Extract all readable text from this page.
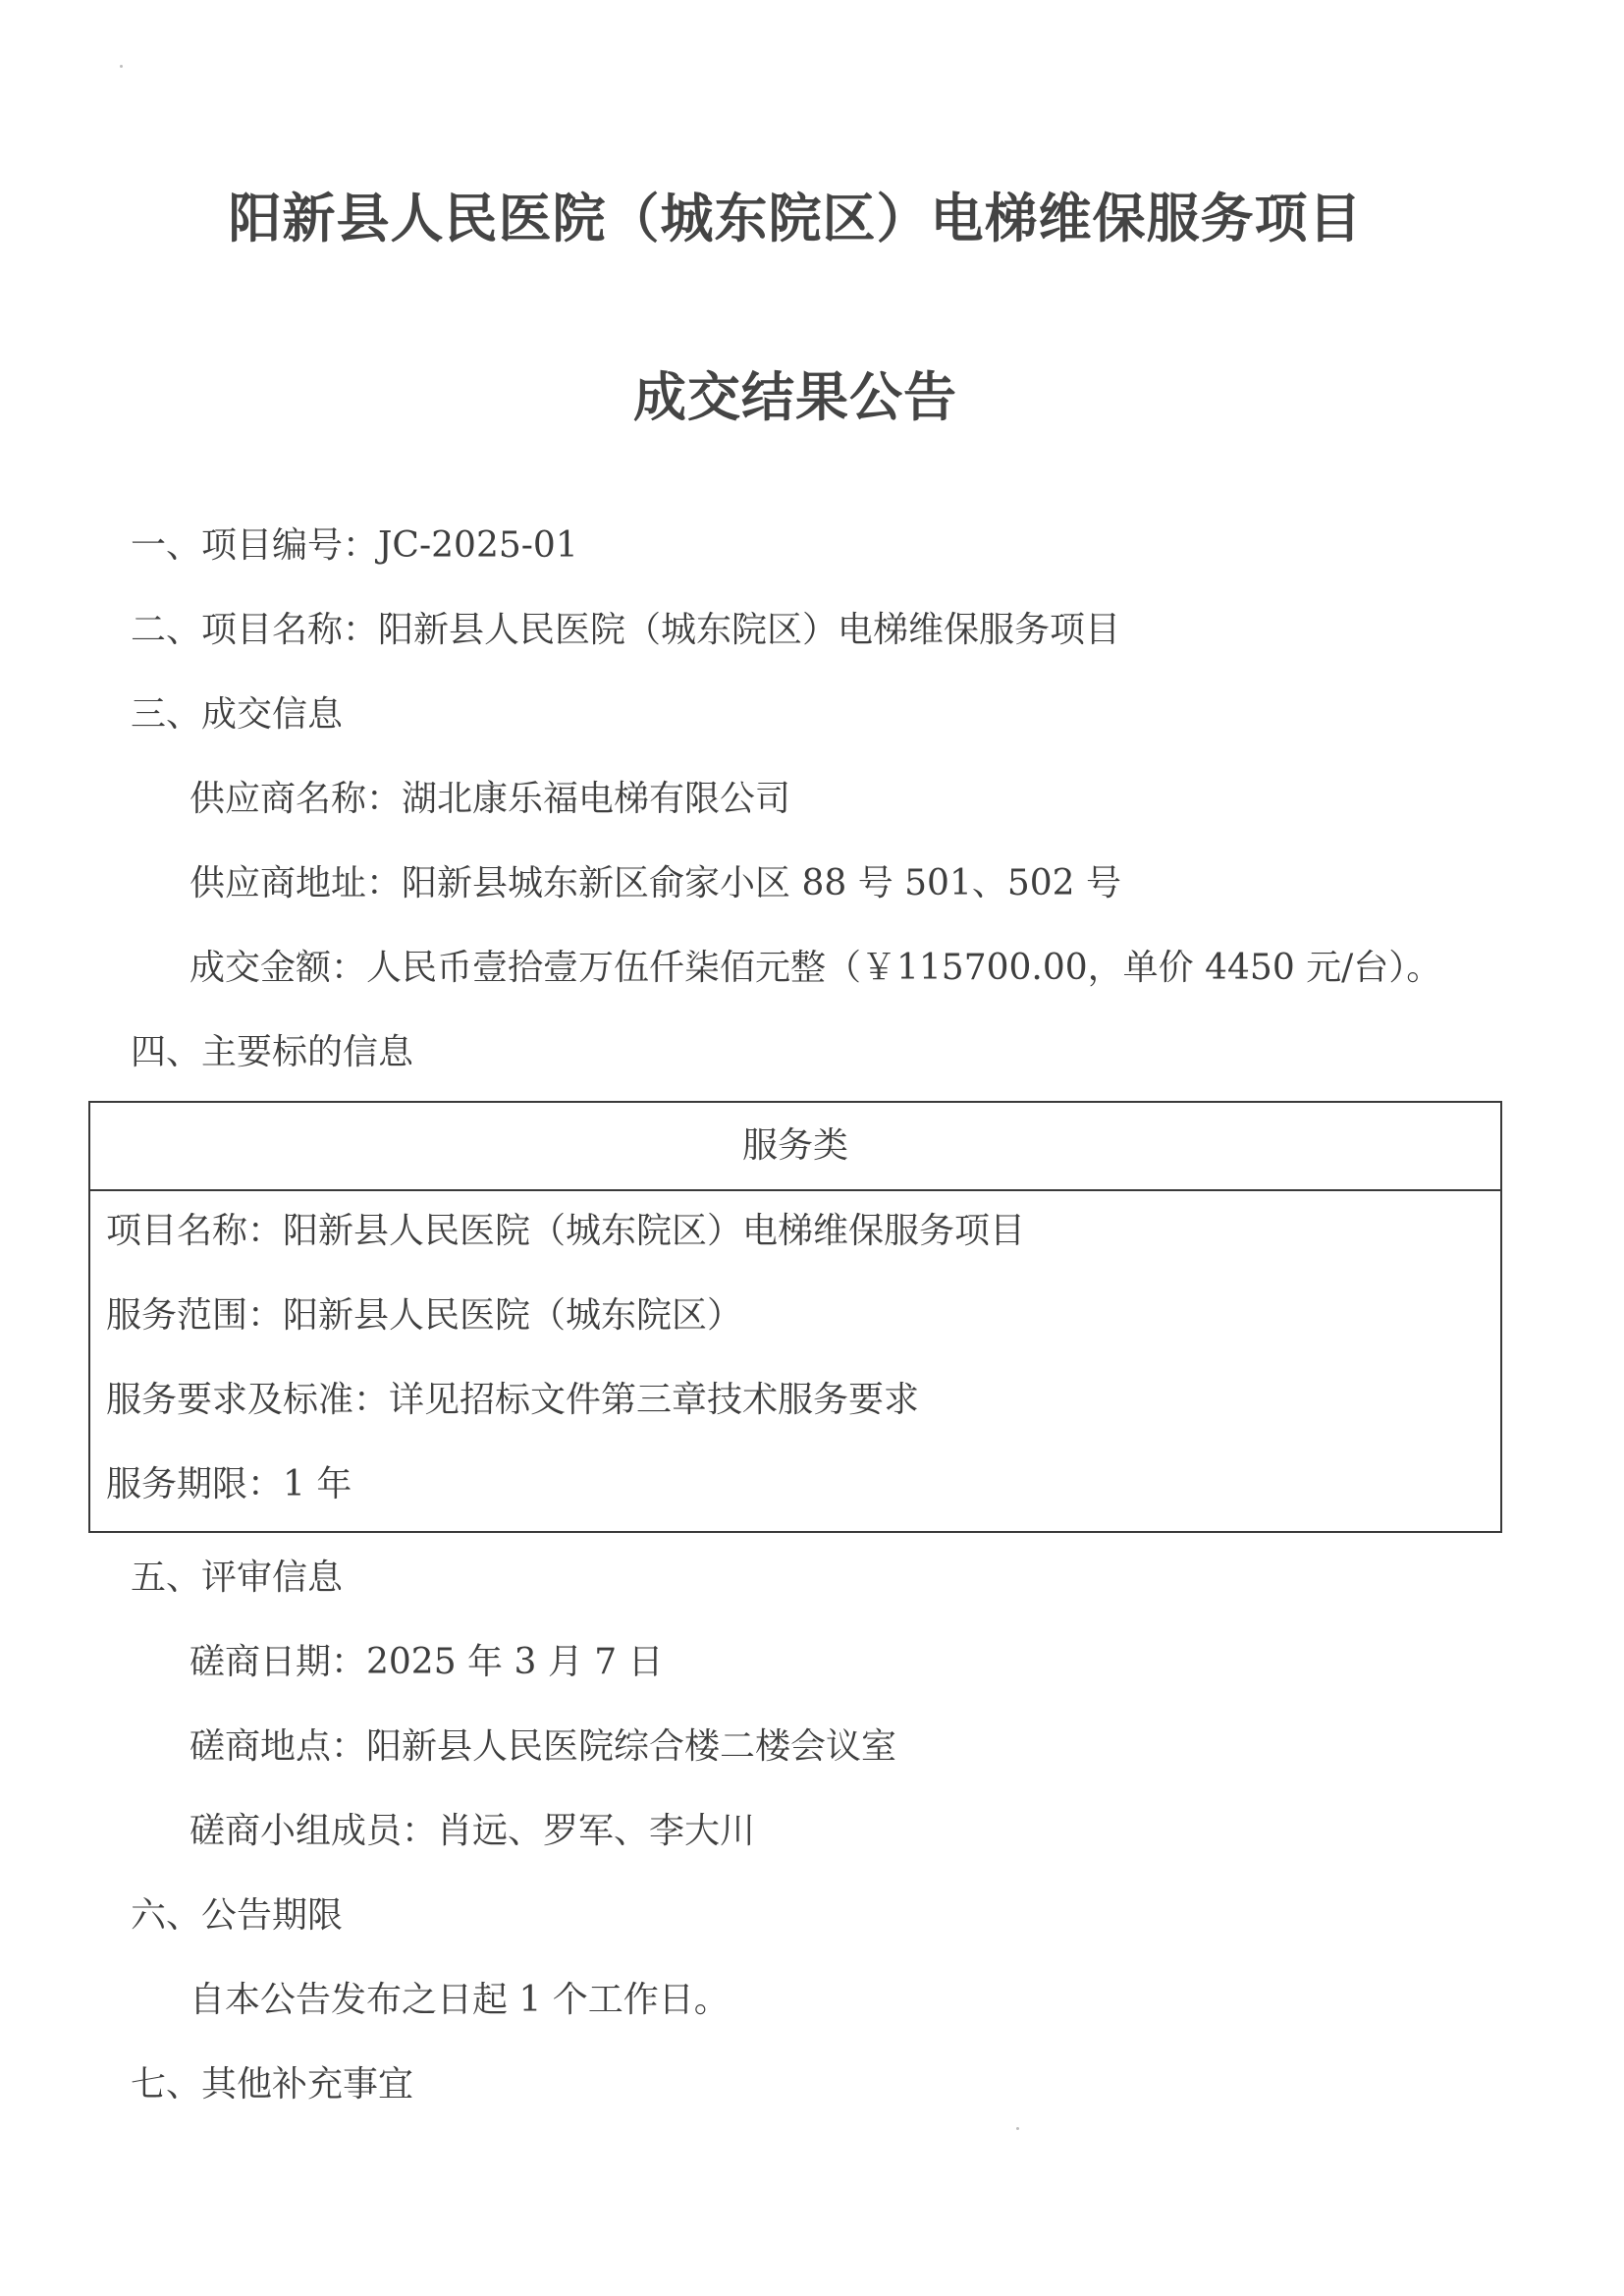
阳新县人民医院（城东院区）电梯维保服务项目
成交结果公告
一、项目编号：JC-2025-01
二、项目名称：阳新县人民医院（城东院区）电梯维保服务项目
三、成交信息
供应商名称：湖北康乐福电梯有限公司
供应商地址：阳新县城东新区俞家小区 88 号 501、502 号
成交金额：人民币壹拾壹万伍仟柒佰元整（￥115700.00，单价 4450 元/台）。
四、主要标的信息
服务类
项目名称：阳新县人民医院（城东院区）电梯维保服务项目
服务范围：阳新县人民医院（城东院区）
服务要求及标准：详见招标文件第三章技术服务要求
服务期限：1 年
五、评审信息
磋商日期：2025 年 3 月 7 日
磋商地点：阳新县人民医院综合楼二楼会议室
磋商小组成员：肖远、罗军、李大川
六、公告期限
自本公告发布之日起 1 个工作日。
七、其他补充事宜
